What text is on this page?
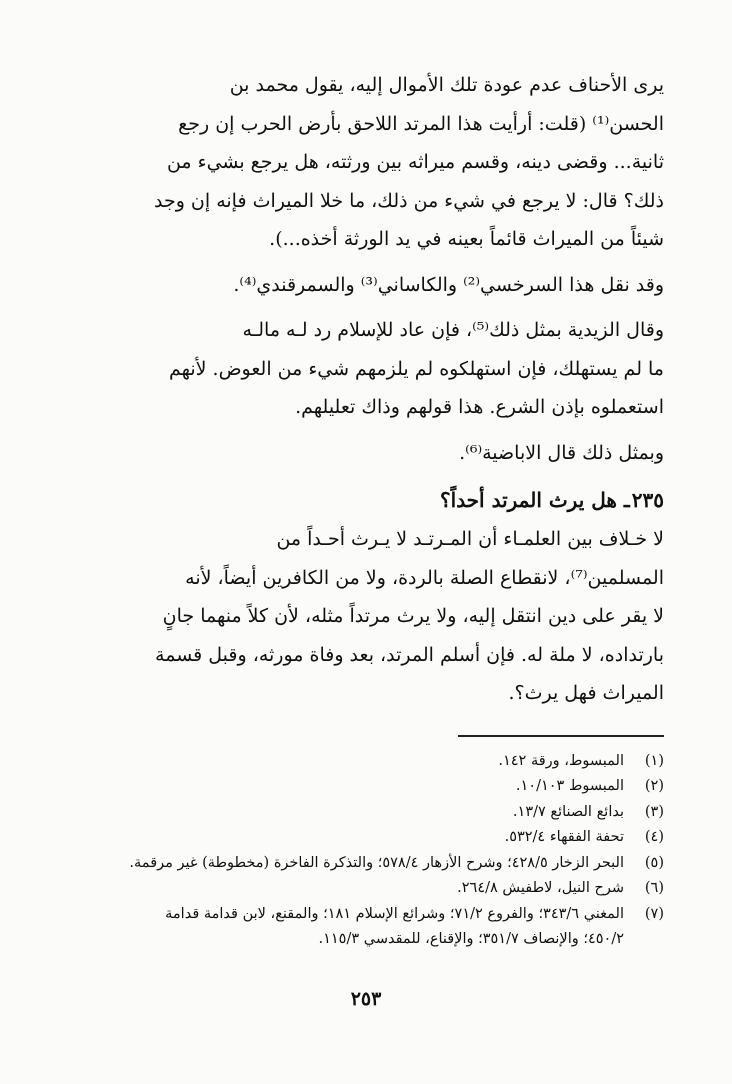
يرى الأحناف عدم عودة تلك الأموال إليه، يقول محمد بن
الحسن⁽¹⁾ (قلت: أرأيت هذا المرتد اللاحق بأرض الحرب إن رجع
ثانية... وقضى دينه، وقسم ميراثه بين ورثته، هل يرجع بشيء من
ذلك؟ قال: لا يرجع في شيء من ذلك، ما خلا الميراث فإنه إن وجد
شيئاً من الميراث قائماً بعينه في يد الورثة أخذه...).

وقد نقل هذا السرخسي⁽²⁾ والكاساني⁽³⁾ والسمرقندي⁽⁴⁾.

وقال الزيدية بمثل ذلك⁽⁵⁾، فإن عاد للإسلام رد لـه مالـه
ما لم يستهلك، فإن استهلكوه لم يلزمهم شيء من العوض. لأنهم
استعملوه بإذن الشرع. هذا قولهم وذاك تعليلهم.

وبمثل ذلك قال الاباضية⁽⁶⁾.

٢٣٥ـ هل يرث المرتد أحداً؟

لا خـلاف بين العلمـاء أن المـرتـد لا يـرث أحـداً من
المسلمين⁽⁷⁾، لانقطاع الصلة بالردة، ولا من الكافرين أيضاً، لأنه
لا يقر على دين انتقل إليه، ولا يرث مرتداً مثله، لأن كلاً منهما جانٍ
بارتداده، لا ملة له. فإن أسلم المرتد، بعد وفاة مورثه، وقبل قسمة
الميراث فهل يرث؟.

(١)
المبسوط، ورقة ١٤٢.
(٢)
المبسوط ١٠/١٠٣.
(٣)
بدائع الصنائع ١٣/٧.
(٤)
تحفة الفقهاء ٥٣٢/٤.
(٥)
البحر الزخار ٤٢٨/٥؛ وشرح الأزهار ٥٧٨/٤؛ والتذكرة الفاخرة (مخطوطة) غير مرقمة.
(٦)
شرح النيل، لاطفيش ٢٦٤/٨.
(٧)
المغني ٣٤٣/٦؛ والفروع ٧١/٢؛ وشرائع الإسلام ١٨١؛ والمقنع، لابن قدامة قدامة
٤٥٠/٢؛ والإنصاف ٣٥١/٧؛ والإقناع، للمقدسي ١١٥/٣.
٢٥٣
